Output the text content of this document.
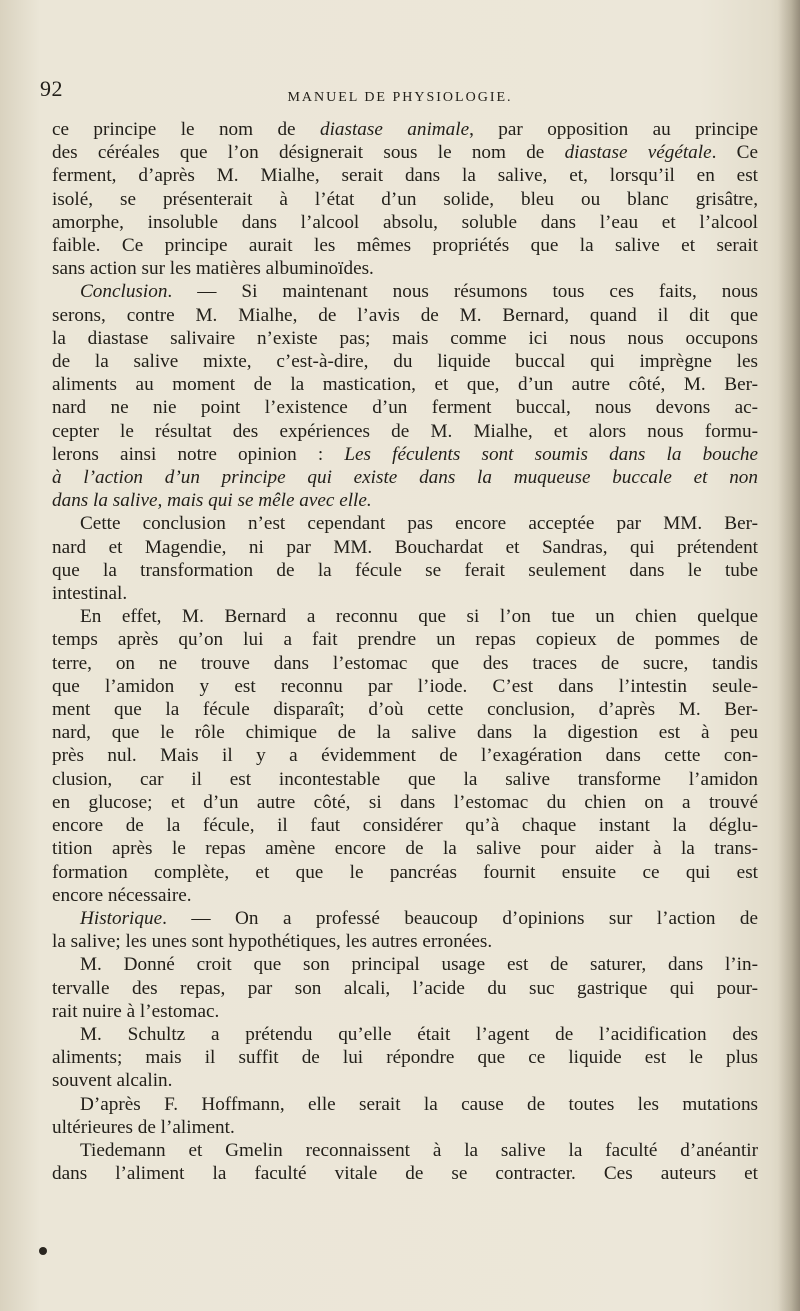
92	MANUEL DE PHYSIOLOGIE.
ce principe le nom de diastase animale, par opposition au principe
des céréales que l’on désignerait sous le nom de diastase végétale. Ce
ferment, d’après M. Mialhe, serait dans la salive, et, lorsqu’il en est
isolé, se présenterait à l’état d’un solide, bleu ou blanc grisâtre,
amorphe, insoluble dans l’alcool absolu, soluble dans l’eau et l’alcool
faible. Ce principe aurait les mêmes propriétés que la salive et serait
sans action sur les matières albuminoïdes.
Conclusion. — Si maintenant nous résumons tous ces faits, nous
serons, contre M. Mialhe, de l’avis de M. Bernard, quand il dit que
la diastase salivaire n’existe pas; mais comme ici nous nous occupons
de la salive mixte, c’est-à-dire, du liquide buccal qui imprègne les
aliments au moment de la mastication, et que, d’un autre côté, M. Ber-
nard ne nie point l’existence d’un ferment buccal, nous devons ac-
cepter le résultat des expériences de M. Mialhe, et alors nous formu-
lerons ainsi notre opinion : Les féculents sont soumis dans la bouche
à l’action d’un principe qui existe dans la muqueuse buccale et non
dans la salive, mais qui se mêle avec elle.
Cette conclusion n’est cependant pas encore acceptée par MM. Ber-
nard et Magendie, ni par MM. Bouchardat et Sandras, qui prétendent
que la transformation de la fécule se ferait seulement dans le tube
intestinal.
En effet, M. Bernard a reconnu que si l’on tue un chien quelque
temps après qu’on lui a fait prendre un repas copieux de pommes de
terre, on ne trouve dans l’estomac que des traces de sucre, tandis
que l’amidon y est reconnu par l’iode. C’est dans l’intestin seule-
ment que la fécule disparaît; d’où cette conclusion, d’après M. Ber-
nard, que le rôle chimique de la salive dans la digestion est à peu
près nul. Mais il y a évidemment de l’exagération dans cette con-
clusion, car il est incontestable que la salive transforme l’amidon
en glucose; et d’un autre côté, si dans l’estomac du chien on a trouvé
encore de la fécule, il faut considérer qu’à chaque instant la déglu-
tition après le repas amène encore de la salive pour aider à la trans-
formation complète, et que le pancréas fournit ensuite ce qui est
encore nécessaire.
Historique. — On a professé beaucoup d’opinions sur l’action de
la salive; les unes sont hypothétiques, les autres erronées.
M. Donné croit que son principal usage est de saturer, dans l’in-
tervalle des repas, par son alcali, l’acide du suc gastrique qui pour-
rait nuire à l’estomac.
M. Schultz a prétendu qu’elle était l’agent de l’acidification des
aliments; mais il suffit de lui répondre que ce liquide est le plus
souvent alcalin.
D’après F. Hoffmann, elle serait la cause de toutes les mutations
ultérieures de l’aliment.
Tiedemann et Gmelin reconnaissent à la salive la faculté d’anéantir
dans l’aliment la faculté vitale de se contracter. Ces auteurs et
